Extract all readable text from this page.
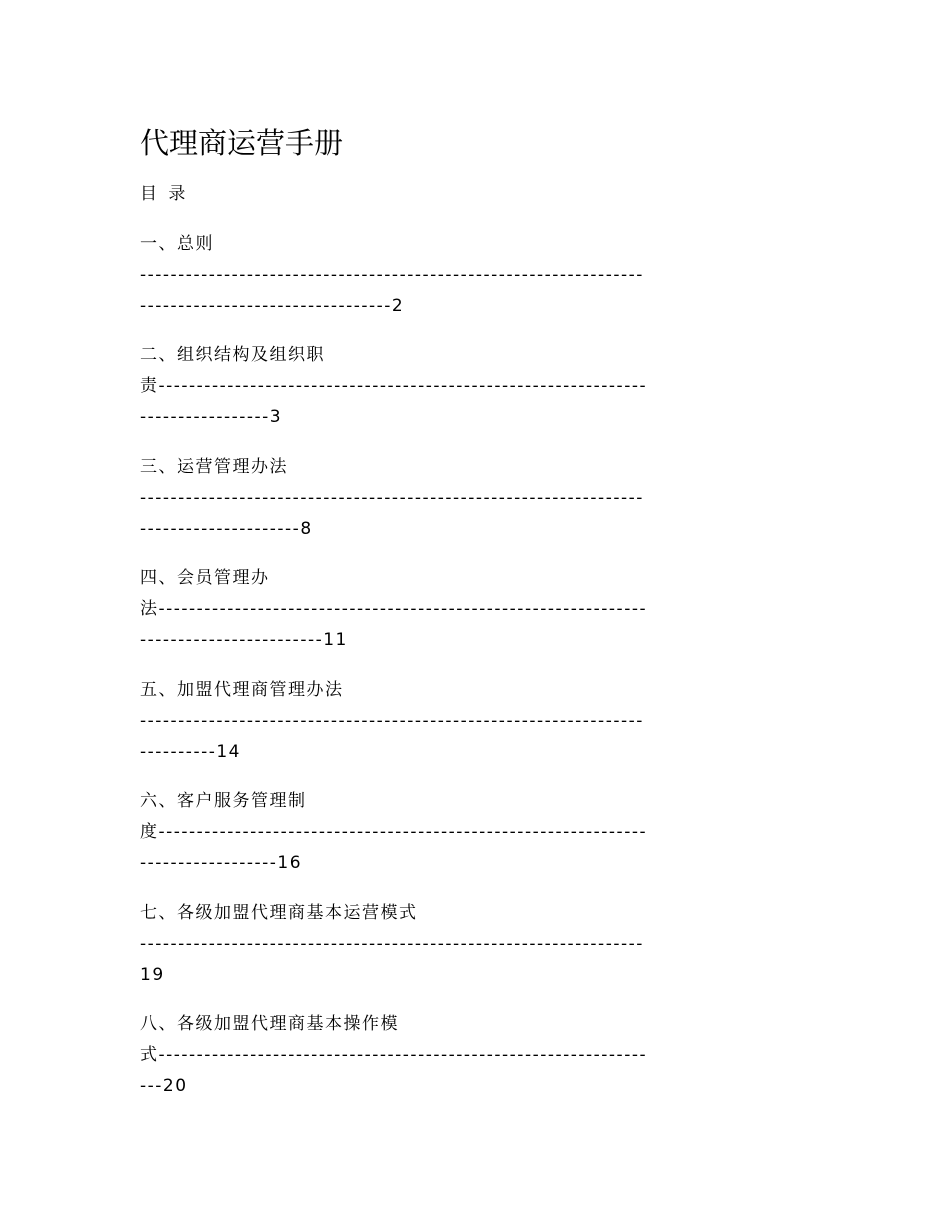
代理商运营手册
目 录
一、总则
------------------------------------------------------------------
---------------------------------2
二、组织结构及组织职
责----------------------------------------------------------------
-----------------3
三、运营管理办法
------------------------------------------------------------------
---------------------8
四、会员管理办
法----------------------------------------------------------------
------------------------11
五、加盟代理商管理办法
------------------------------------------------------------------
----------14
六、客户服务管理制
度----------------------------------------------------------------
------------------16
七、各级加盟代理商基本运营模式
------------------------------------------------------------------
19
八、各级加盟代理商基本操作模
式----------------------------------------------------------------
---20
